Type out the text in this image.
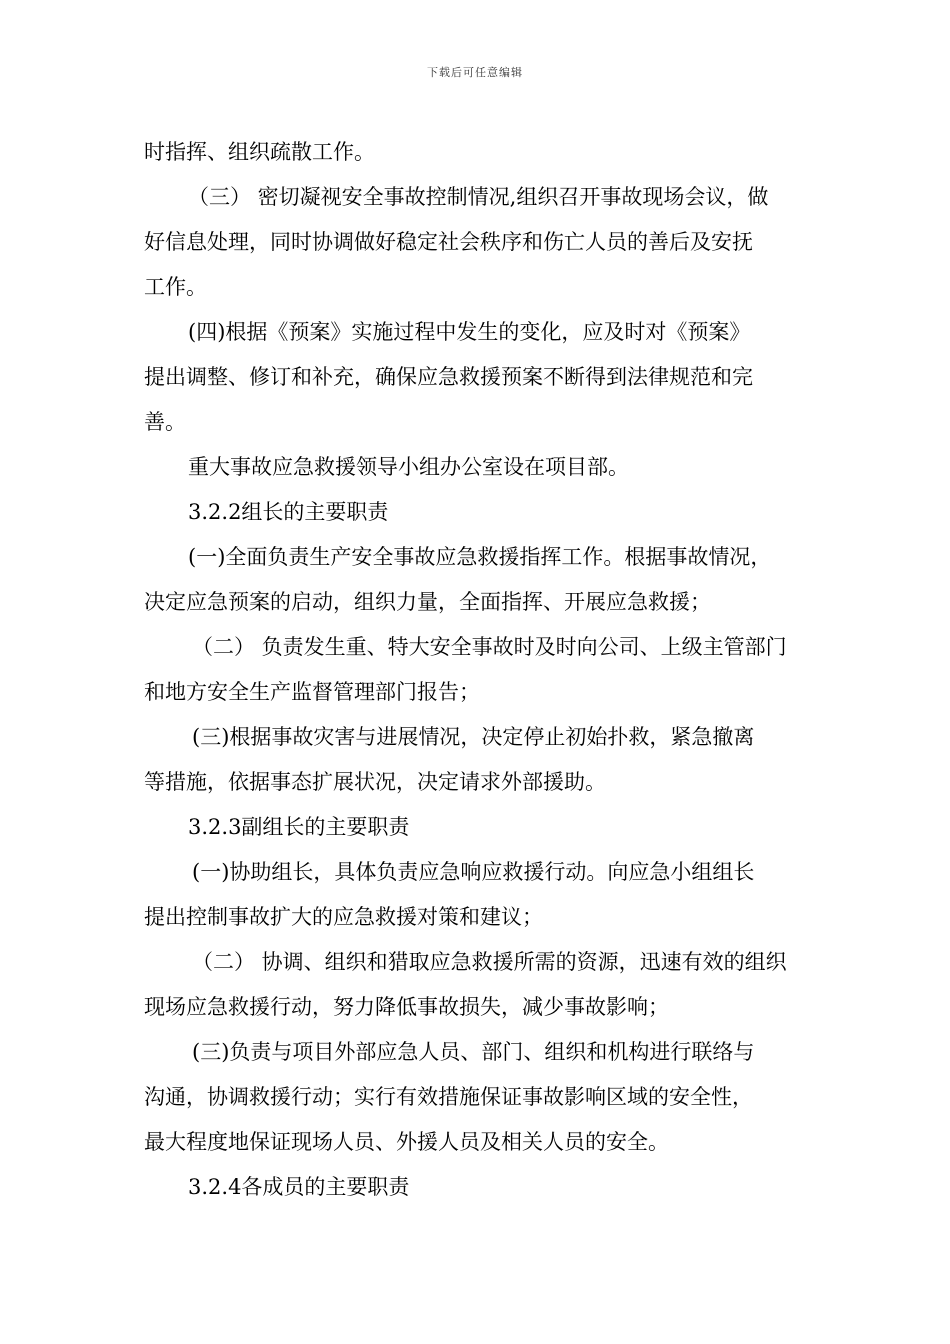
下载后可任意编辑
时指挥、组织疏散工作。
（三） 密切凝视安全事故控制情况,组织召开事故现场会议，做
好信息处理，同时协调做好稳定社会秩序和伤亡人员的善后及安抚
工作。
(四)根据《预案》实施过程中发生的变化，应及时对《预案》
提出调整、修订和补充，确保应急救援预案不断得到法律规范和完
善。
重大事故应急救援领导小组办公室设在项目部。
3.2.2组长的主要职责
(一)全面负责生产安全事故应急救援指挥工作。根据事故情况，
决定应急预案的启动，组织力量，全面指挥、开展应急救援；
（二） 负责发生重、特大安全事故时及时向公司、上级主管部门
和地方安全生产监督管理部门报告；
(三)根据事故灾害与进展情况，决定停止初始扑救，紧急撤离
等措施，依据事态扩展状况，决定请求外部援助。
3.2.3副组长的主要职责
(一)协助组长，具体负责应急响应救援行动。向应急小组组长
提出控制事故扩大的应急救援对策和建议；
（二） 协调、组织和猎取应急救援所需的资源，迅速有效的组织
现场应急救援行动，努力降低事故损失，减少事故影响；
(三)负责与项目外部应急人员、部门、组织和机构进行联络与
沟通，协调救援行动；实行有效措施保证事故影响区域的安全性，
最大程度地保证现场人员、外援人员及相关人员的安全。
3.2.4各成员的主要职责
